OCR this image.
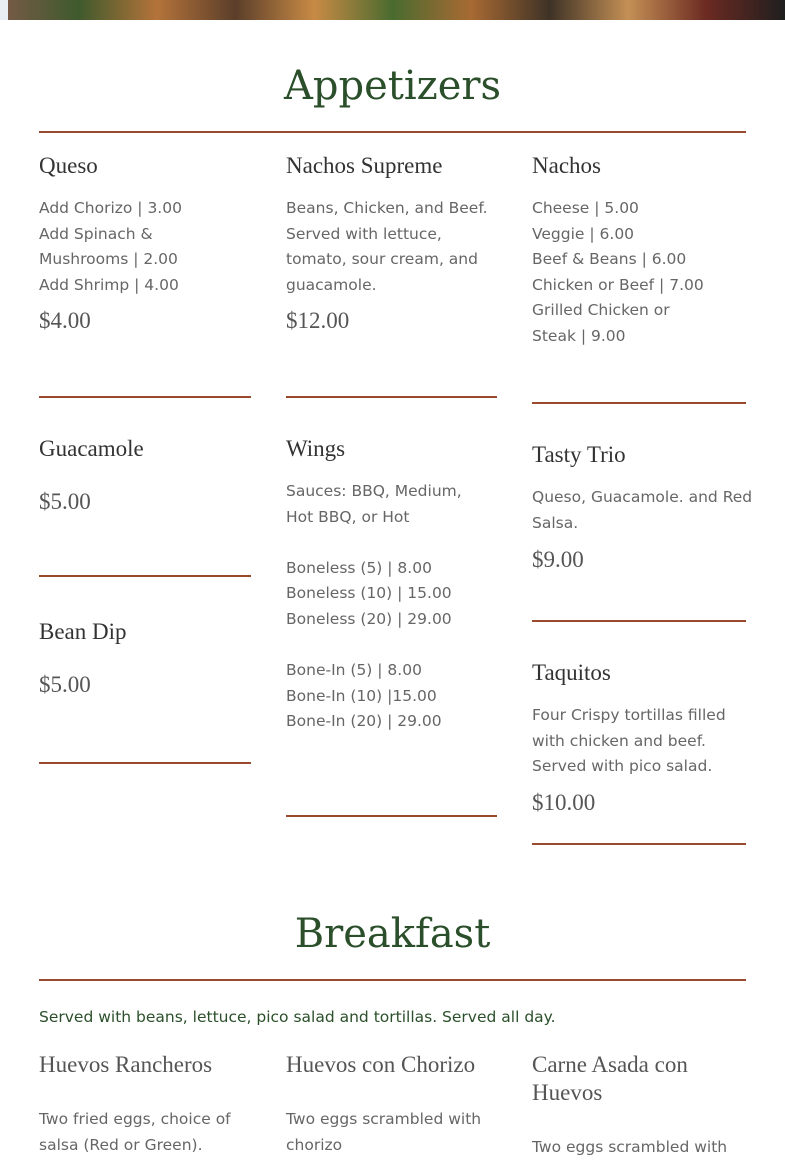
Appetizers
Queso
Add Chorizo | 3.00
Add Spinach &
Mushrooms | 2.00
Add Shrimp | 4.00
$4.00
Nachos Supreme
Beans, Chicken, and Beef.
Served with lettuce,
tomato, sour cream, and
guacamole.
$12.00
Nachos
Cheese | 5.00
Veggie | 6.00
Beef & Beans | 6.00
Chicken or Beef | 7.00
Grilled Chicken or
Steak | 9.00
Guacamole
$5.00
Wings
Sauces: BBQ, Medium,
Hot BBQ, or Hot
Boneless (5) | 8.00
Boneless (10) | 15.00
Boneless (20) | 29.00
Bone-In (5) | 8.00
Bone-In (10) |15.00
Bone-In (20) | 29.00
Tasty Trio
Queso, Guacamole. and Red
Salsa.
$9.00
Bean Dip
$5.00	Taquitos
Four Crispy tortillas filled
with chicken and beef.
Served with pico salad.
$10.00
Breakfast
Served with beans, lettuce, pico salad and tortillas. Served all day.
Huevos Rancheros
Two fried eggs, choice of
salsa (Red or Green).
Huevos con Chorizo
Two eggs scrambled with
chorizo
Carne Asada con
Huevos
Two eggs scrambled with
